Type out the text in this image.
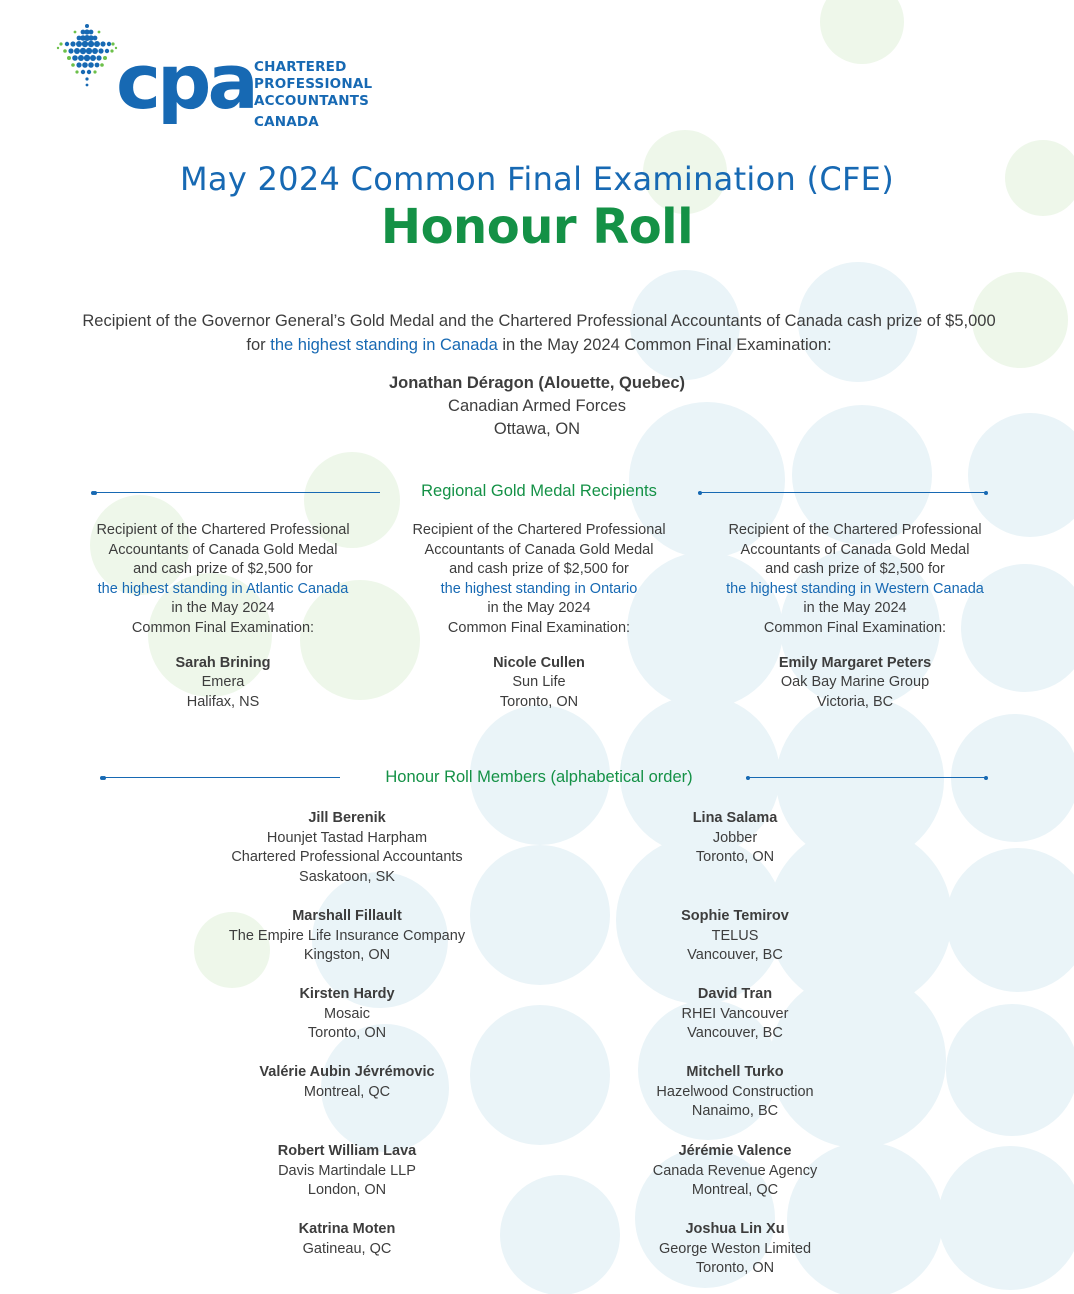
cpa CHARTERED
PROFESSIONAL
ACCOUNTANTS
CANADA
May 2024 Common Final Examination (CFE)
Honour Roll
Recipient of the Governor General’s Gold Medal and the Chartered Professional Accountants of Canada cash prize of $5,000 for the highest standing in Canada in the May 2024 Common Final Examination:
Jonathan Déragon (Alouette, Quebec)
Canadian Armed Forces
Ottawa, ON
Regional Gold Medal Recipients
Recipient of the Chartered Professional
Accountants of Canada Gold Medal
and cash prize of $2,500 for
the highest standing in Atlantic Canada
in the May 2024
Common Final Examination:
Sarah Brining
Emera
Halifax, NS
Recipient of the Chartered Professional
Accountants of Canada Gold Medal
and cash prize of $2,500 for
the highest standing in Ontario
in the May 2024
Common Final Examination:
Nicole Cullen
Sun Life
Toronto, ON
Recipient of the Chartered Professional
Accountants of Canada Gold Medal
and cash prize of $2,500 for
the highest standing in Western Canada
in the May 2024
Common Final Examination:
Emily Margaret Peters
Oak Bay Marine Group
Victoria, BC
Honour Roll Members (alphabetical order)
Jill Berenik
Hounjet Tastad Harpham
Chartered Professional Accountants
Saskatoon, SK
Marshall Fillault
The Empire Life Insurance Company
Kingston, ON
Kirsten Hardy
Mosaic
Toronto, ON
Valérie Aubin Jévrémovic
Montreal, QC
Robert William Lava
Davis Martindale LLP
London, ON
Katrina Moten
Gatineau, QC
Lina Salama
Jobber
Toronto, ON
Sophie Temirov
TELUS
Vancouver, BC
David Tran
RHEI Vancouver
Vancouver, BC
Mitchell Turko
Hazelwood Construction
Nanaimo, BC
Jérémie Valence
Canada Revenue Agency
Montreal, QC
Joshua Lin Xu
George Weston Limited
Toronto, ON
